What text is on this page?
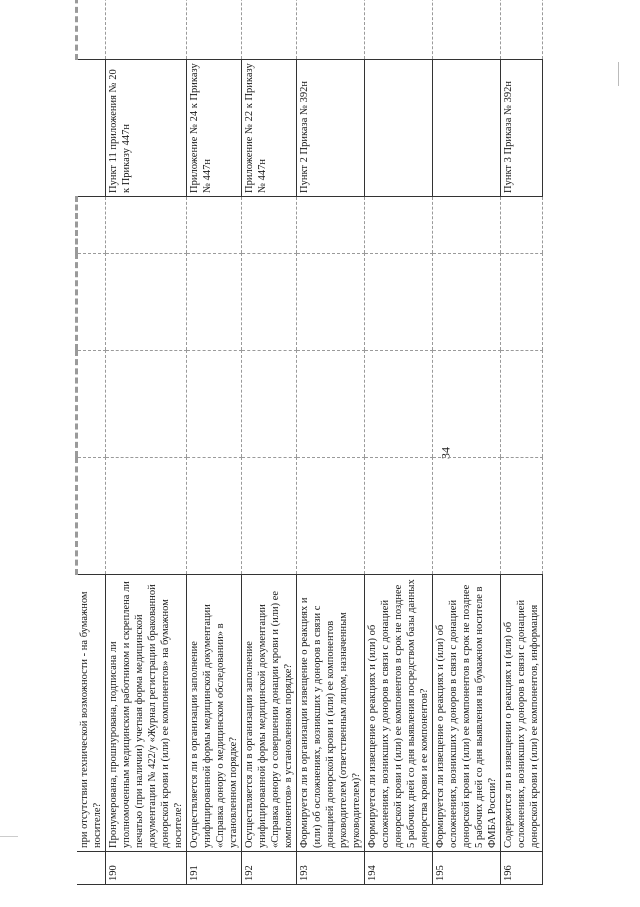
34
	при отсутствии технической возможности - на бумажном носителе?						
190	Пронумерована, прошнурована, подписана ли уполномоченным медицинским работником и скреплена ли печатью (при наличии) учетная форма медицинской документации № 422/у «Журнал регистрации бракованной донорской крови и (или) ее компонентов» на бумажном носителе?					Пункт 11 приложения № 20 к Приказу 447н	
191	Осуществляется ли в организации заполнение унифицированной формы медицинской документации «Справка донору о медицинском обследовании» в установленном порядке?					Приложение № 24 к Приказу № 447н	
192	Осуществляется ли в организации заполнение унифицированной формы медицинской документации «Справка донору о совершении донации крови и (или) ее компонентов» в установленном порядке?					Приложение № 22 к Приказу № 447н	
193	Формируется ли в организации извещение о реакциях и (или) об осложнениях, возникших у доноров в связи с донацией донорской крови и (или) ее компонентов руководителем (ответственным лицом, назначенным руководителем)?					Пункт 2 Приказа № 392н	
194	Формируется ли извещение о реакциях и (или) об осложнениях, возникших у доноров в связи с донацией донорской крови и (или) ее компонентов в срок не позднее 5 рабочих дней со дня выявления посредством базы данных донорства крови и ее компонентов?						
195	Формируется ли извещение о реакциях и (или) об осложнениях, возникших у доноров в связи с донацией донорской крови и (или) ее компонентов в срок не позднее 5 рабочих дней со дня выявления на бумажном носителе в ФМБА России?						
196	Содержится ли в извещении о реакциях и (или) об осложнениях, возникших у доноров в связи с донацией донорской крови и (или) ее компонентов, информация					Пункт 3 Приказа № 392н	
